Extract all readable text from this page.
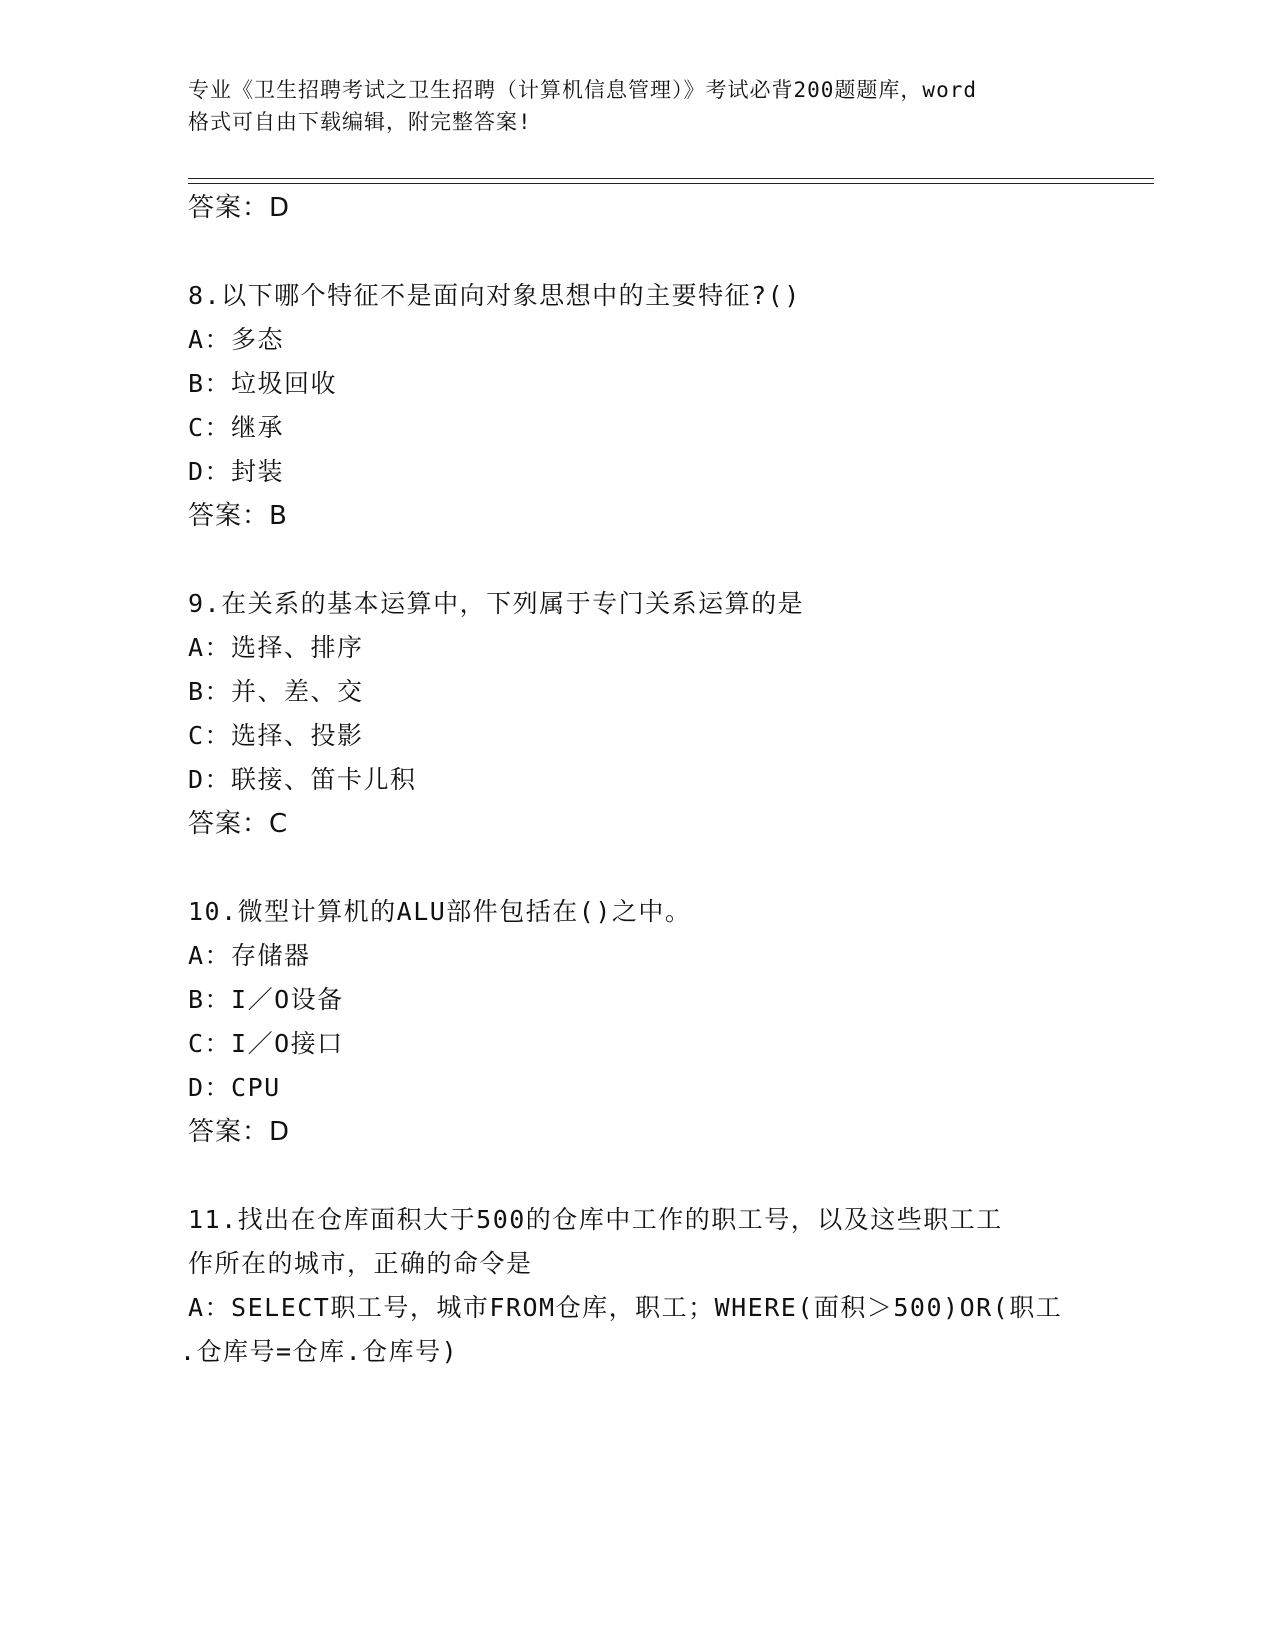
专业《卫生招聘考试之卫生招聘（计算机信息管理）》考试必背200题题库，word
格式可自由下载编辑，附完整答案!
答案：D
8.以下哪个特征不是面向对象思想中的主要特征?()
A：多态
B：垃圾回收
C：继承
D：封装
答案：B
9.在关系的基本运算中，下列属于专门关系运算的是
A：选择、排序
B：并、差、交
C：选择、投影
D：联接、笛卡儿积
答案：C
10.微型计算机的ALU部件包括在()之中。
A：存储器
B：I／O设备
C：I／O接口
D：CPU
答案：D
11.找出在仓库面积大于500的仓库中工作的职工号，以及这些职工工
作所在的城市，正确的命令是
A：SELECT职工号，城市FROM仓库，职工；WHERE(面积＞500)OR(职工
.仓库号=仓库.仓库号)
